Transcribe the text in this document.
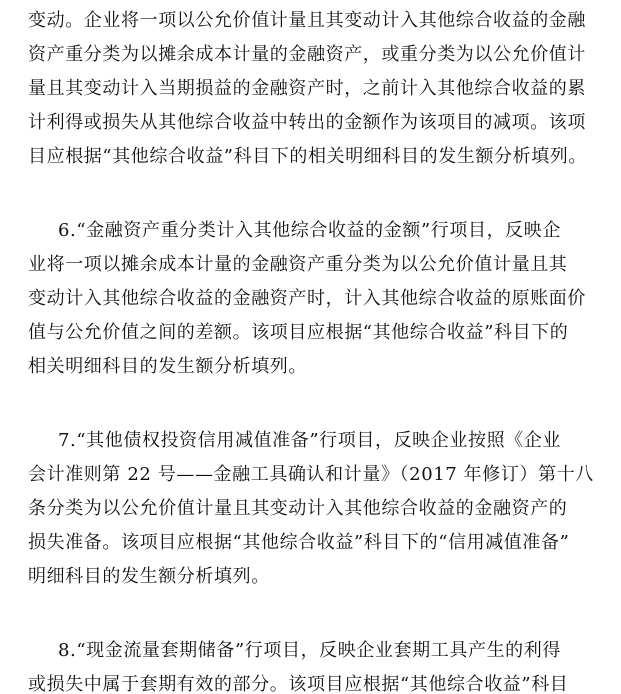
变动。企业将一项以公允价值计量且其变动计入其他综合收益的金融
资产重分类为以摊余成本计量的金融资产，或重分类为以公允价值计
量且其变动计入当期损益的金融资产时，之前计入其他综合收益的累
计利得或损失从其他综合收益中转出的金额作为该项目的减项。该项
目应根据“其他综合收益”科目下的相关明细科目的发生额分析填列。
6.“金融资产重分类计入其他综合收益的金额”行项目，反映企
业将一项以摊余成本计量的金融资产重分类为以公允价值计量且其
变动计入其他综合收益的金融资产时，计入其他综合收益的原账面价
值与公允价值之间的差额。该项目应根据“其他综合收益”科目下的
相关明细科目的发生额分析填列。
7.“其他债权投资信用减值准备”行项目，反映企业按照《企业
会计准则第 22 号——金融工具确认和计量》（2017 年修订）第十八
条分类为以公允价值计量且其变动计入其他综合收益的金融资产的
损失准备。该项目应根据“其他综合收益”科目下的“信用减值准备”
明细科目的发生额分析填列。
8.“现金流量套期储备”行项目，反映企业套期工具产生的利得
或损失中属于套期有效的部分。该项目应根据“其他综合收益”科目
